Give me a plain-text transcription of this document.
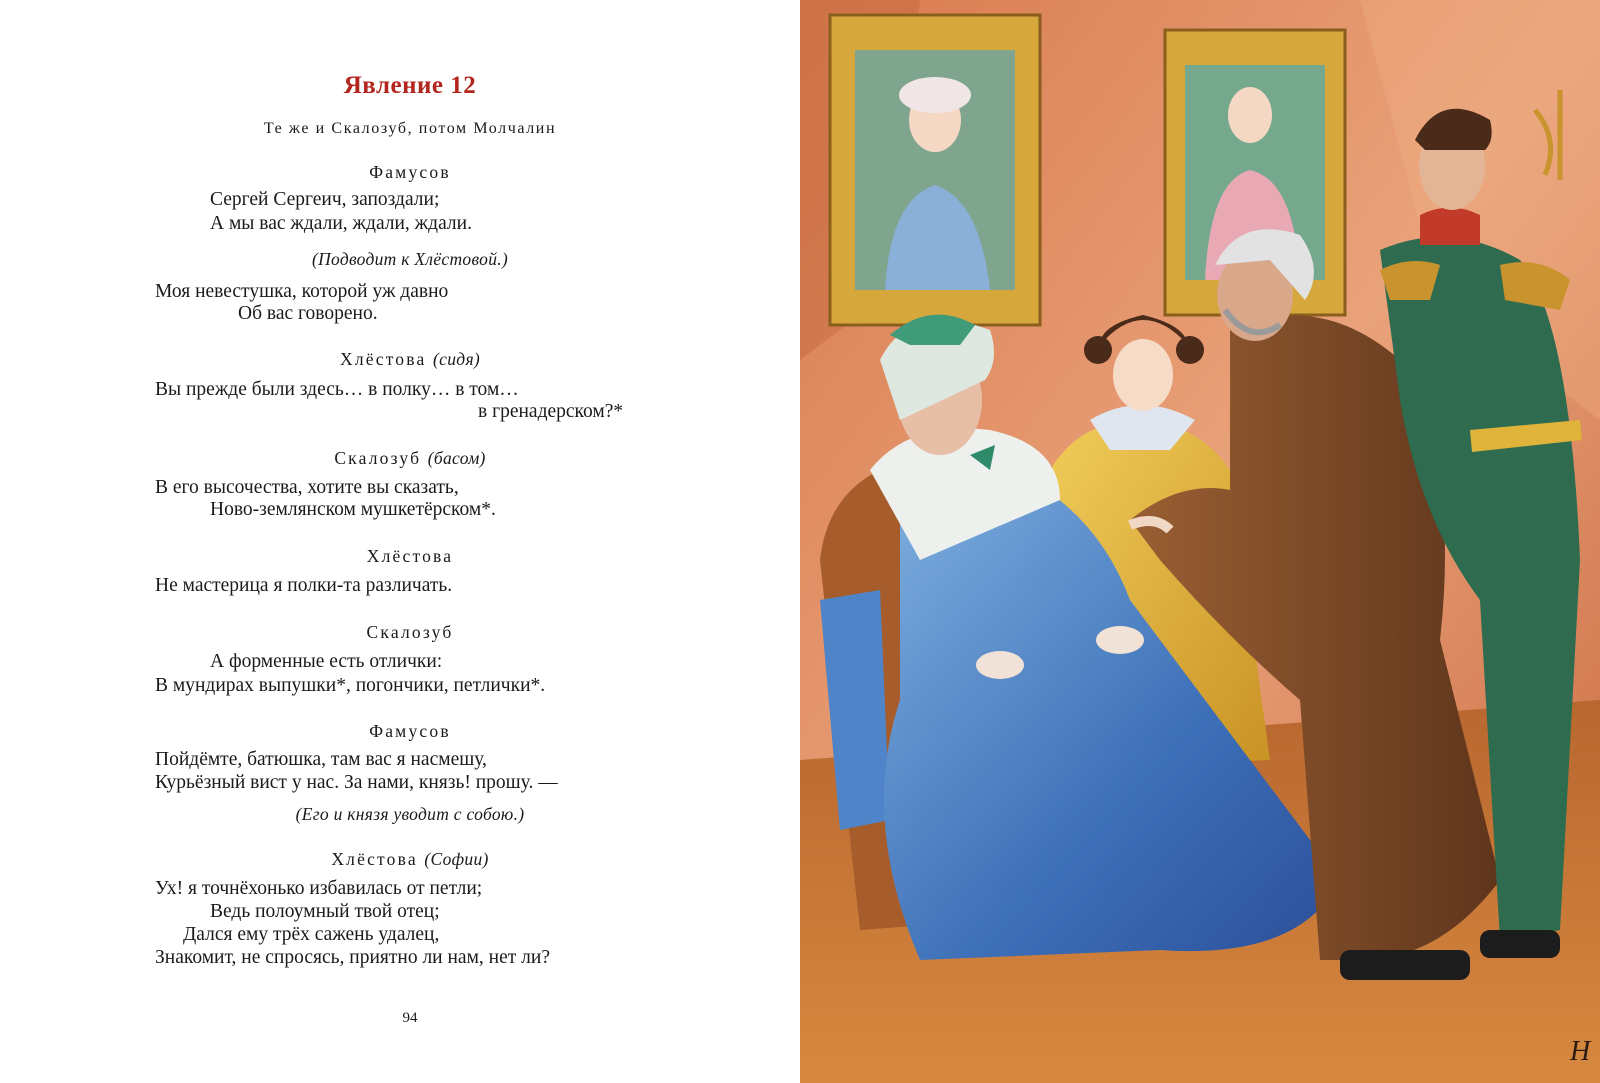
Явление 12
Те же и Скалозуб, потом Молчалин
Фамусов
Сергей Сергеич, запоздали;
А мы вас ждали, ждали, ждали.
(Подводит к Хлёстовой.)
Моя невестушка, которой уж давно
Об вас говорено.
Хлёстова (сидя)
Вы прежде были здесь… в полку… в том…
в гренадерском?*
Скалозуб (басом)
В его высочества, хотите вы сказать,
Ново-землянском мушкетёрском*.
Хлёстова
Не мастерица я полки-та различать.
Скалозуб
А форменные есть отлички:
В мундирах выпушки*, погончики, петлички*.
Фамусов
Пойдёмте, батюшка, там вас я насмешу,
Курьёзный вист у нас. За нами, князь! прошу. —
(Его и князя уводит с собою.)
Хлёстова (Софии)
Ух! я точнёхонько избавилась от петли;
Ведь полоумный твой отец;
Дался ему трёх сажень удалец,
Знакомит, не спросясь, приятно ли нам, нет ли?
94
Н
